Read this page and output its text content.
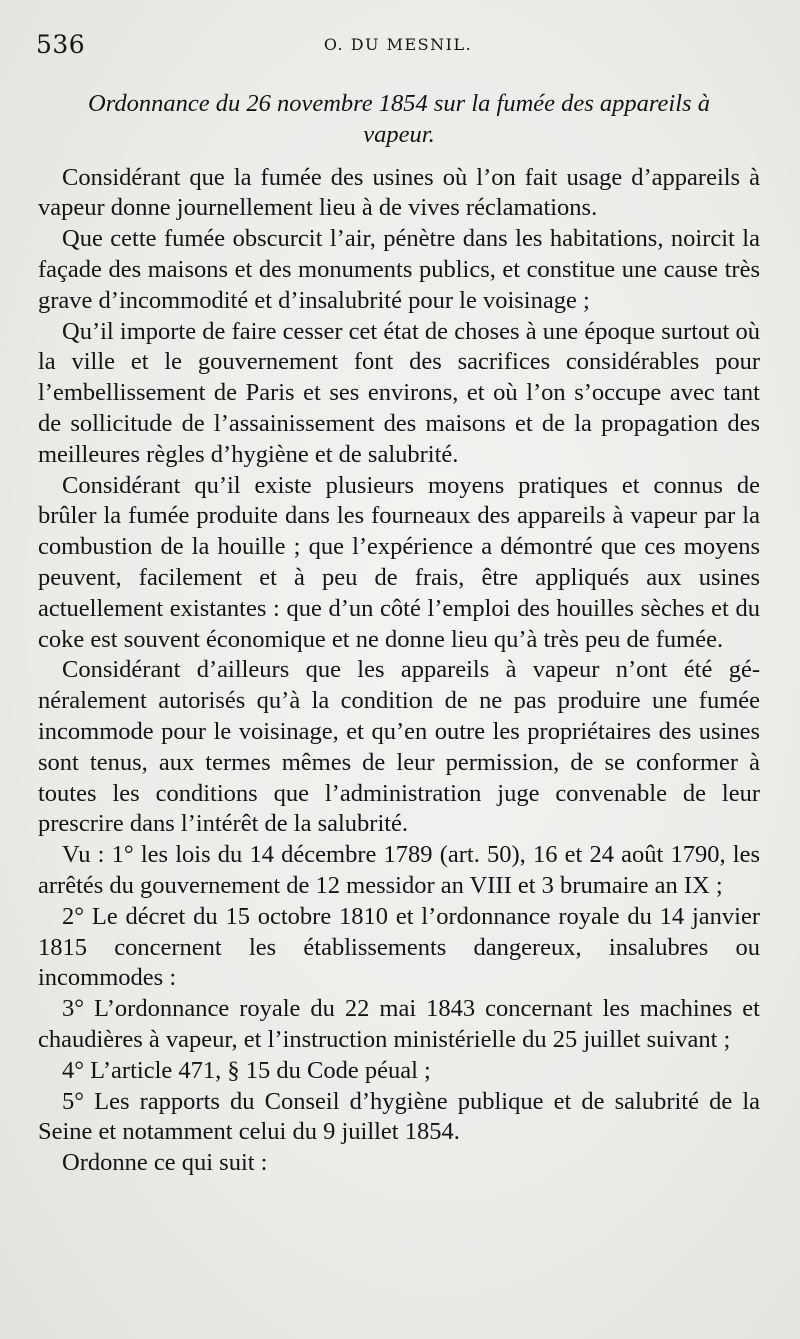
536	O. DU MESNIL.

Ordonnance du 26 novembre 1854 sur la fumée des appareils à vapeur.

Considérant que la fumée des usines où l’on fait usage d’appareils à vapeur donne journellement lieu à de vives réclamations.

Que cette fumée obscurcit l’air, pénètre dans les habitations, noircit la façade des maisons et des monuments publics, et constitue une cause très grave d’incommodité et d’insalubrité pour le voisinage ;

Qu’il importe de faire cesser cet état de choses à une époque surtout où la ville et le gouvernement font des sacrifices considérables pour l’embellissement de Paris et ses environs, et où l’on s’occupe avec tant de sollicitude de l’assainissement des maisons et de la propagation des meilleures règles d’hygiène et de salubrité.

Considérant qu’il existe plusieurs moyens pratiques et connus de brûler la fumée produite dans les fourneaux des appareils à vapeur par la combustion de la houille ; que l’expérience a démontré que ces moyens peuvent, facilement et à peu de frais, être appliqués aux usines actuellement existantes : que d’un côté l’emploi des houilles sèches et du coke est souvent économique et ne donne lieu qu’à très peu de fumée.

Considérant d’ailleurs que les appareils à vapeur n’ont été généralement autorisés qu’à la condition de ne pas produire une fumée incommode pour le voisinage, et qu’en outre les propriétaires des usines sont tenus, aux termes mêmes de leur permission, de se conformer à toutes les conditions que l’administration juge convenable de leur prescrire dans l’intérêt de la salubrité.

Vu : 1° les lois du 14 décembre 1789 (art. 50), 16 et 24 août 1790, les arrêtés du gouvernement de 12 messidor an VIII et 3 brumaire an IX ;

2° Le décret du 15 octobre 1810 et l’ordonnance royale du 14 janvier 1815 concernent les établissements dangereux, insalubres ou incommodes :

3° L’ordonnance royale du 22 mai 1843 concernant les machines et chaudières à vapeur, et l’instruction ministérielle du 25 juillet suivant ;

4° L’article 471, § 15 du Code péual ;

5° Les rapports du Conseil d’hygiène publique et de salubrité de la Seine et notamment celui du 9 juillet 1854.

Ordonne ce qui suit :
